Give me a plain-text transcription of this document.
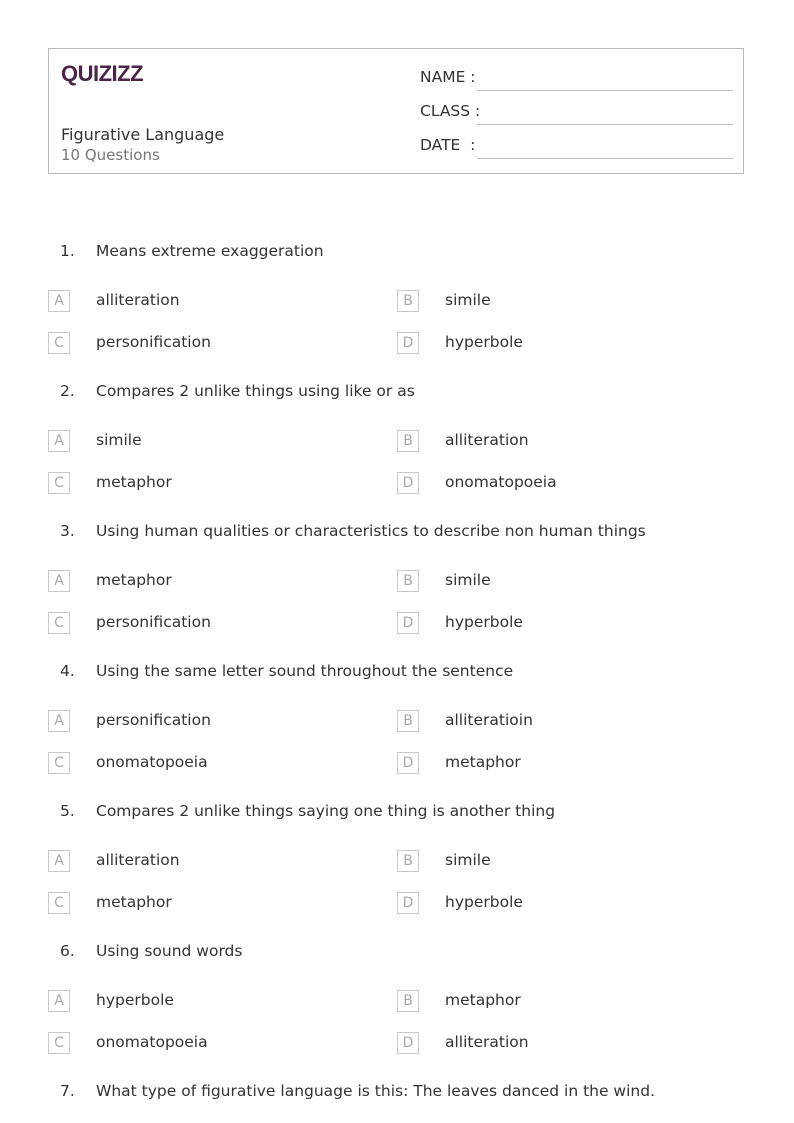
QUIZIZZ
Figurative Language
10 Questions
NAME :
CLASS :
DATE  :
1. Means extreme exaggeration
A	alliteration	B	simile
C	personification	D	hyperbole
2. Compares 2 unlike things using like or as
A	simile	B	alliteration
C	metaphor	D	onomatopoeia
3. Using human qualities or characteristics to describe non human things
A	metaphor	B	simile
C	personification	D	hyperbole
4. Using the same letter sound throughout the sentence
A	personification	B	alliteratioin
C	onomatopoeia	D	metaphor
5. Compares 2 unlike things saying one thing is another thing
A	alliteration	B	simile
C	metaphor	D	hyperbole
6. Using sound words
A	hyperbole	B	metaphor
C	onomatopoeia	D	alliteration
7. What type of figurative language is this: The leaves danced in the wind.
